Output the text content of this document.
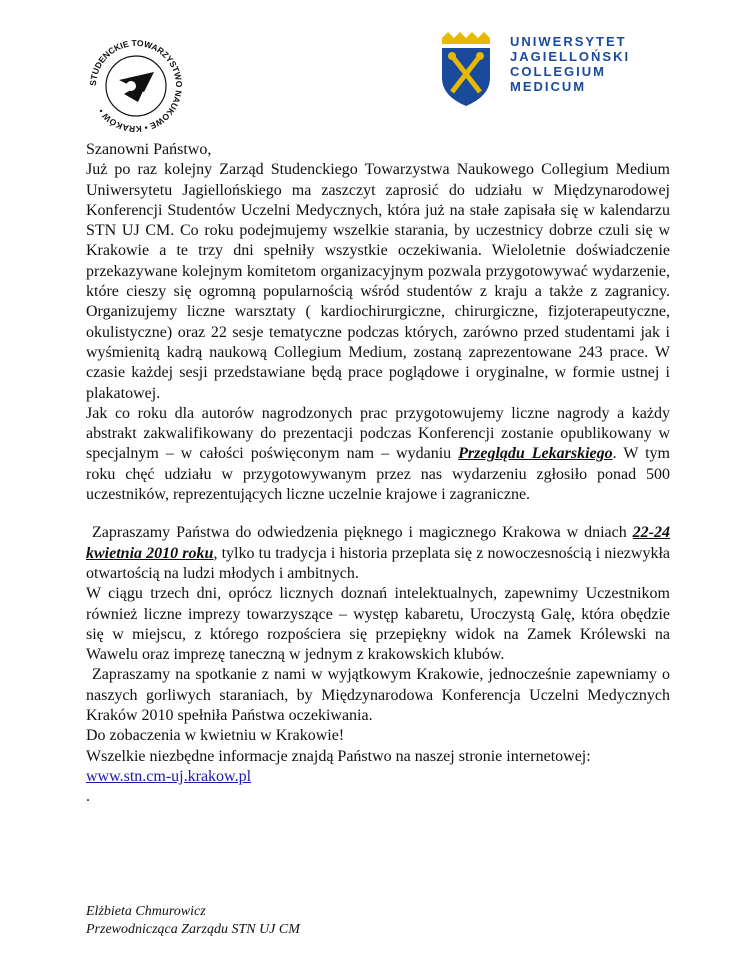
STUDENCKIE TOWARZYSTWO NAUKOWE • KRAKÓW •
UNIWERSYTET
JAGIELLOŃSKI
COLLEGIUM
MEDICUM

Szanowni Państwo,

Już po raz kolejny Zarząd Studenckiego Towarzystwa Naukowego Collegium Medium Uniwersytetu Jagiellońskiego ma zaszczyt zaprosić do udziału w Międzynarodowej Konferencji Studentów Uczelni Medycznych, która już na stałe zapisała się w kalendarzu STN UJ CM. Co roku podejmujemy wszelkie starania, by uczestnicy dobrze czuli się w Krakowie a te trzy dni spełniły wszystkie oczekiwania. Wieloletnie doświadczenie przekazywane kolejnym komitetom organizacyjnym pozwala przygotowywać wydarzenie, które cieszy się ogromną popularnością wśród studentów z kraju a także z zagranicy. Organizujemy liczne warsztaty ( kardiochirurgiczne, chirurgiczne, fizjoterapeutyczne, okulistyczne) oraz 22 sesje tematyczne podczas których, zarówno przed studentami jak i wyśmienitą kadrą naukową Collegium Medium, zostaną zaprezentowane 243 prace. W czasie każdej sesji przedstawiane będą prace poglądowe i oryginalne, w formie ustnej i plakatowej.

Jak co roku dla autorów nagrodzonych prac przygotowujemy liczne nagrody a każdy abstrakt zakwalifikowany do prezentacji podczas Konferencji zostanie opublikowany w specjalnym – w całości poświęconym nam – wydaniu Przeglądu Lekarskiego. W tym roku chęć udziału w przygotowywanym przez nas wydarzeniu zgłosiło ponad 500 uczestników, reprezentujących liczne uczelnie krajowe i zagraniczne.

Zapraszamy Państwa do odwiedzenia pięknego i magicznego Krakowa w dniach 22-24 kwietnia 2010 roku, tylko tu tradycja i historia przeplata się z nowoczesnością i niezwykła otwartością na ludzi młodych i ambitnych.

W ciągu trzech dni, oprócz licznych doznań intelektualnych, zapewnimy Uczestnikom również liczne imprezy towarzyszące – występ kabaretu, Uroczystą Galę, która obędzie się w miejscu, z którego rozpościera się przepiękny widok na Zamek Królewski na Wawelu oraz imprezę taneczną w jednym z krakowskich klubów.

Zapraszamy na spotkanie z nami w wyjątkowym Krakowie, jednocześnie zapewniamy o naszych gorliwych staraniach, by Międzynarodowa Konferencja Uczelni Medycznych Kraków 2010 spełniła Państwa oczekiwania.

Do zobaczenia w kwietniu w Krakowie!

Wszelkie niezbędne informacje znajdą Państwo na naszej stronie internetowej:

www.stn.cm-uj.krakow.pl

.

Elżbieta Chmurowicz
Przewodnicząca Zarządu STN UJ CM
